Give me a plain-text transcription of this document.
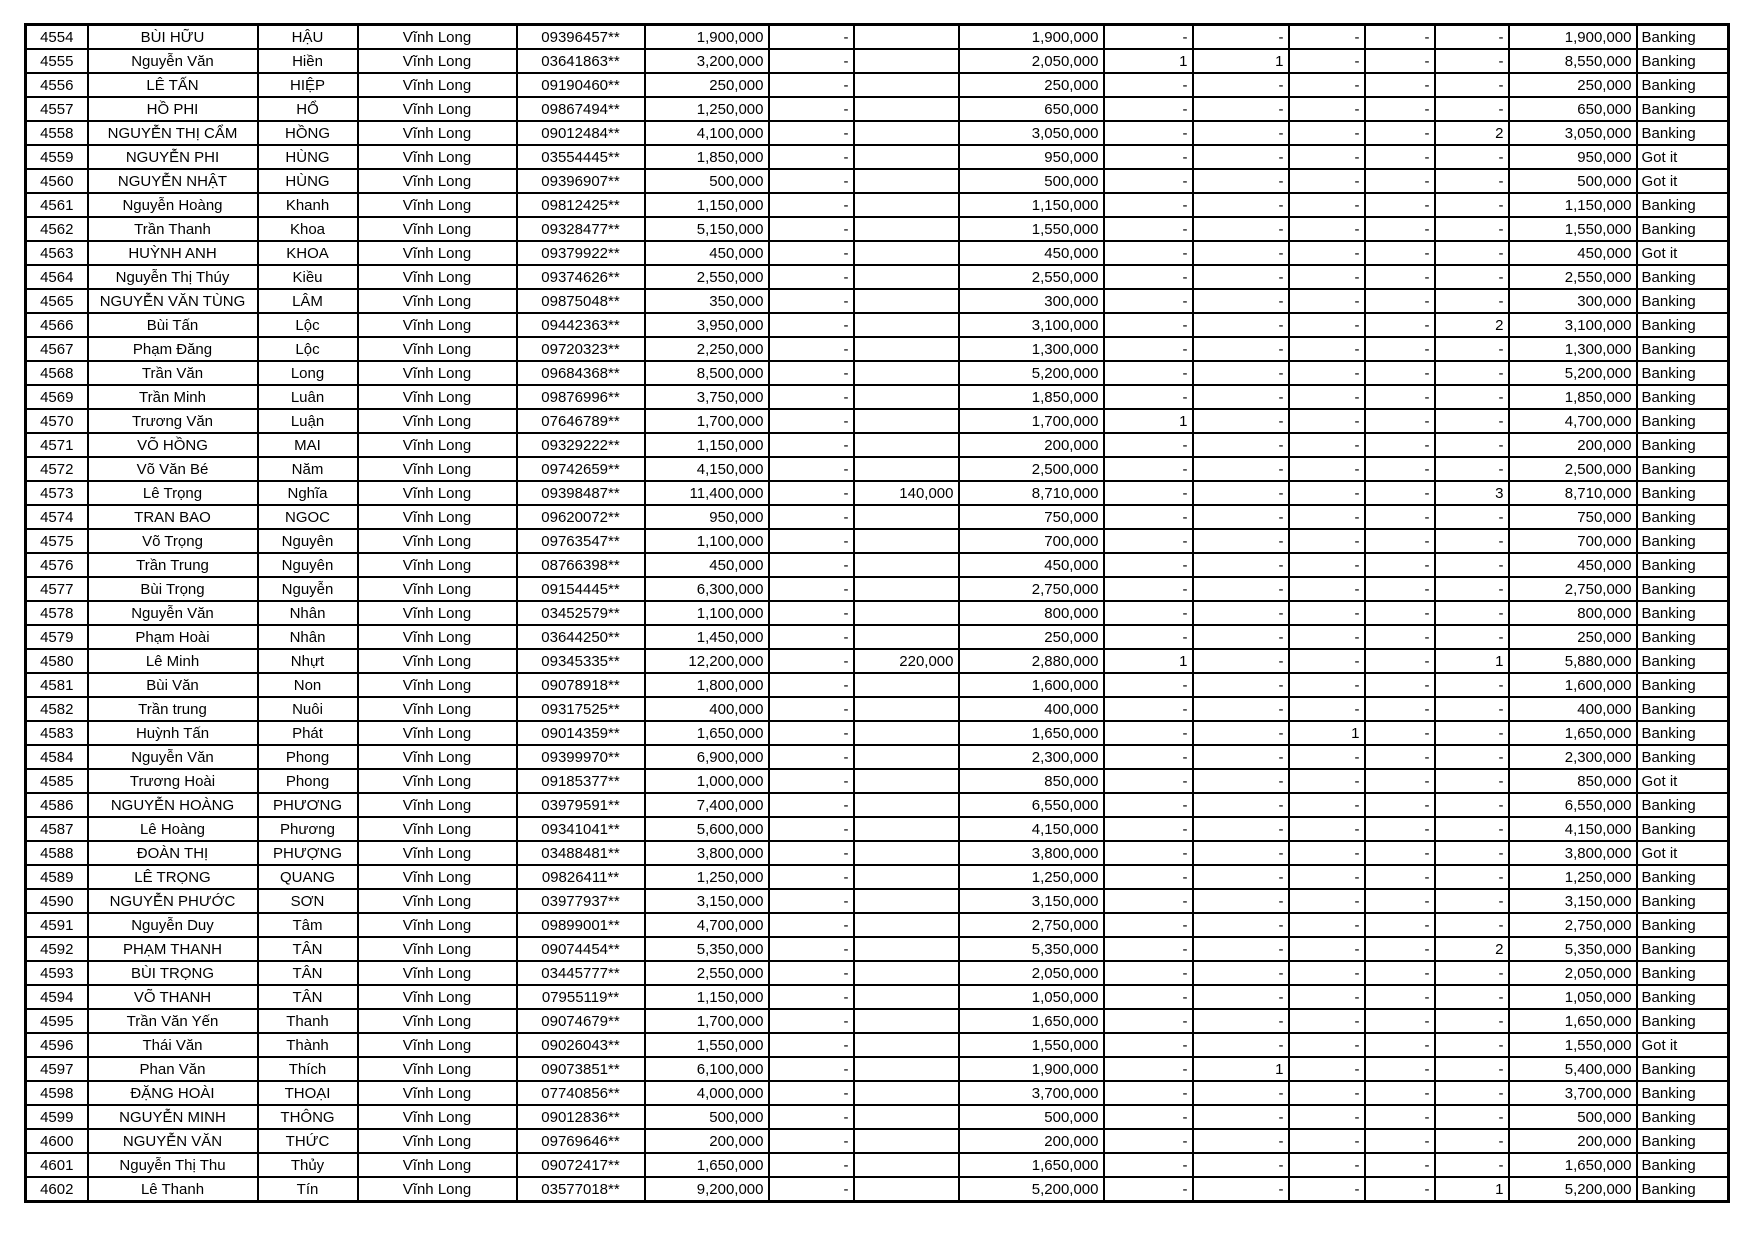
4554	BÙI HỮU	HẬU	Vĩnh Long	09396457**	1,900,000	-		1,900,000	-	-	-	-	-	1,900,000	Banking
4555	Nguyễn Văn	Hiền	Vĩnh Long	03641863**	3,200,000	-		2,050,000	1	1	-	-	-	8,550,000	Banking
4556	LÊ TẤN	HIỆP	Vĩnh Long	09190460**	250,000	-		250,000	-	-	-	-	-	250,000	Banking
4557	HỒ PHI	HỔ	Vĩnh Long	09867494**	1,250,000	-		650,000	-	-	-	-	-	650,000	Banking
4558	NGUYỄN THỊ CẨM	HỒNG	Vĩnh Long	09012484**	4,100,000	-		3,050,000	-	-	-	-	2	3,050,000	Banking
4559	NGUYỄN PHI	HÙNG	Vĩnh Long	03554445**	1,850,000	-		950,000	-	-	-	-	-	950,000	Got it
4560	NGUYỄN NHẬT	HÙNG	Vĩnh Long	09396907**	500,000	-		500,000	-	-	-	-	-	500,000	Got it
4561	Nguyễn Hoàng	Khanh	Vĩnh Long	09812425**	1,150,000	-		1,150,000	-	-	-	-	-	1,150,000	Banking
4562	Trần Thanh	Khoa	Vĩnh Long	09328477**	5,150,000	-		1,550,000	-	-	-	-	-	1,550,000	Banking
4563	HUỲNH ANH	KHOA	Vĩnh Long	09379922**	450,000	-		450,000	-	-	-	-	-	450,000	Got it
4564	Nguyễn Thị Thúy	Kiều	Vĩnh Long	09374626**	2,550,000	-		2,550,000	-	-	-	-	-	2,550,000	Banking
4565	NGUYỄN VĂN TÙNG	LÂM	Vĩnh Long	09875048**	350,000	-		300,000	-	-	-	-	-	300,000	Banking
4566	Bùi Tấn	Lộc	Vĩnh Long	09442363**	3,950,000	-		3,100,000	-	-	-	-	2	3,100,000	Banking
4567	Phạm Đăng	Lộc	Vĩnh Long	09720323**	2,250,000	-		1,300,000	-	-	-	-	-	1,300,000	Banking
4568	Trần Văn	Long	Vĩnh Long	09684368**	8,500,000	-		5,200,000	-	-	-	-	-	5,200,000	Banking
4569	Trần Minh	Luân	Vĩnh Long	09876996**	3,750,000	-		1,850,000	-	-	-	-	-	1,850,000	Banking
4570	Trương Văn	Luận	Vĩnh Long	07646789**	1,700,000	-		1,700,000	1	-	-	-	-	4,700,000	Banking
4571	VÕ HỒNG	MAI	Vĩnh Long	09329222**	1,150,000	-		200,000	-	-	-	-	-	200,000	Banking
4572	Võ Văn Bé	Năm	Vĩnh Long	09742659**	4,150,000	-		2,500,000	-	-	-	-	-	2,500,000	Banking
4573	Lê Trọng	Nghĩa	Vĩnh Long	09398487**	11,400,000	-	140,000	8,710,000	-	-	-	-	3	8,710,000	Banking
4574	TRAN BAO	NGOC	Vĩnh Long	09620072**	950,000	-		750,000	-	-	-	-	-	750,000	Banking
4575	Võ Trọng	Nguyên	Vĩnh Long	09763547**	1,100,000	-		700,000	-	-	-	-	-	700,000	Banking
4576	Trần Trung	Nguyên	Vĩnh Long	08766398**	450,000	-		450,000	-	-	-	-	-	450,000	Banking
4577	Bùi Trọng	Nguyễn	Vĩnh Long	09154445**	6,300,000	-		2,750,000	-	-	-	-	-	2,750,000	Banking
4578	Nguyễn Văn	Nhân	Vĩnh Long	03452579**	1,100,000	-		800,000	-	-	-	-	-	800,000	Banking
4579	Phạm Hoài	Nhân	Vĩnh Long	03644250**	1,450,000	-		250,000	-	-	-	-	-	250,000	Banking
4580	Lê Minh	Nhựt	Vĩnh Long	09345335**	12,200,000	-	220,000	2,880,000	1	-	-	-	1	5,880,000	Banking
4581	Bùi Văn	Non	Vĩnh Long	09078918**	1,800,000	-		1,600,000	-	-	-	-	-	1,600,000	Banking
4582	Trần trung	Nuôi	Vĩnh Long	09317525**	400,000	-		400,000	-	-	-	-	-	400,000	Banking
4583	Huỳnh Tấn	Phát	Vĩnh Long	09014359**	1,650,000	-		1,650,000	-	-	1	-	-	1,650,000	Banking
4584	Nguyễn Văn	Phong	Vĩnh Long	09399970**	6,900,000	-		2,300,000	-	-	-	-	-	2,300,000	Banking
4585	Trương Hoài	Phong	Vĩnh Long	09185377**	1,000,000	-		850,000	-	-	-	-	-	850,000	Got it
4586	NGUYỄN HOÀNG	PHƯƠNG	Vĩnh Long	03979591**	7,400,000	-		6,550,000	-	-	-	-	-	6,550,000	Banking
4587	Lê Hoàng	Phương	Vĩnh Long	09341041**	5,600,000	-		4,150,000	-	-	-	-	-	4,150,000	Banking
4588	ĐOÀN THỊ	PHƯỢNG	Vĩnh Long	03488481**	3,800,000	-		3,800,000	-	-	-	-	-	3,800,000	Got it
4589	LÊ TRỌNG	QUANG	Vĩnh Long	09826411**	1,250,000	-		1,250,000	-	-	-	-	-	1,250,000	Banking
4590	NGUYỄN PHƯỚC	SƠN	Vĩnh Long	03977937**	3,150,000	-		3,150,000	-	-	-	-	-	3,150,000	Banking
4591	Nguyễn Duy	Tâm	Vĩnh Long	09899001**	4,700,000	-		2,750,000	-	-	-	-	-	2,750,000	Banking
4592	PHẠM THANH	TÂN	Vĩnh Long	09074454**	5,350,000	-		5,350,000	-	-	-	-	2	5,350,000	Banking
4593	BÙI TRỌNG	TÂN	Vĩnh Long	03445777**	2,550,000	-		2,050,000	-	-	-	-	-	2,050,000	Banking
4594	VÕ THANH	TÂN	Vĩnh Long	07955119**	1,150,000	-		1,050,000	-	-	-	-	-	1,050,000	Banking
4595	Trần Văn Yến	Thanh	Vĩnh Long	09074679**	1,700,000	-		1,650,000	-	-	-	-	-	1,650,000	Banking
4596	Thái Văn	Thành	Vĩnh Long	09026043**	1,550,000	-		1,550,000	-	-	-	-	-	1,550,000	Got it
4597	Phan Văn	Thích	Vĩnh Long	09073851**	6,100,000	-		1,900,000	-	1	-	-	-	5,400,000	Banking
4598	ĐẶNG HOÀI	THOẠI	Vĩnh Long	07740856**	4,000,000	-		3,700,000	-	-	-	-	-	3,700,000	Banking
4599	NGUYỄN MINH	THÔNG	Vĩnh Long	09012836**	500,000	-		500,000	-	-	-	-	-	500,000	Banking
4600	NGUYỄN VĂN	THỨC	Vĩnh Long	09769646**	200,000	-		200,000	-	-	-	-	-	200,000	Banking
4601	Nguyễn Thị Thu	Thủy	Vĩnh Long	09072417**	1,650,000	-		1,650,000	-	-	-	-	-	1,650,000	Banking
4602	Lê Thanh	Tín	Vĩnh Long	03577018**	9,200,000	-		5,200,000	-	-	-	-	1	5,200,000	Banking
